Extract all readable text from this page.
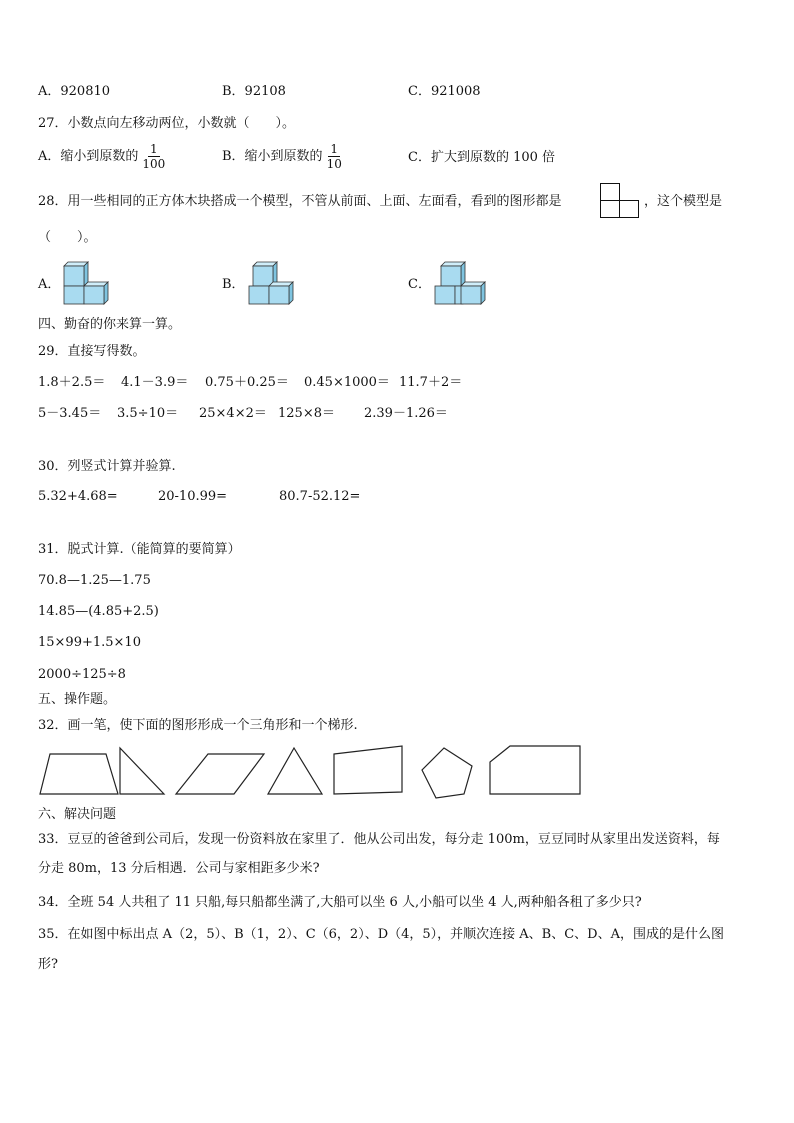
A．920810	B．92108	C．921008
27．小数点向左移动两位，小数就（　　）。
A．缩小到原数的 $\frac{1}{100}$	B．缩小到原数的 $\frac{1}{10}$	C．扩大到原数的 100 倍
28．用一些相同的正方体木块搭成一个模型，不管从前面、上面、左面看，看到的图形都是	，这个模型是
（　　）。
A．	B．	C．
四、勤奋的你来算一算。
29．直接写得数。
1.8＋2.5＝ 4.1－3.9＝ 0.75＋0.25＝ 0.45×1000＝ 11.7＋2＝
5－3.45＝ 3.5÷10＝ 25×4×2＝ 125×8＝ 2.39－1.26＝
30．列竖式计算并验算.
5.32+4.68=	20-10.99=	80.7-52.12=
31．脱式计算.（能简算的要简算）
70.8—1.25—1.75
14.85—(4.85+2.5)
15×99+1.5×10
2000÷125÷8
五、操作题。
32．画一笔，使下面的图形形成一个三角形和一个梯形.
六、解决问题
33．豆豆的爸爸到公司后，发现一份资料放在家里了．他从公司出发，每分走 100m，豆豆同时从家里出发送资料，每
分走 80m，13 分后相遇．公司与家相距多少米?
34．全班 54 人共租了 11 只船,每只船都坐满了,大船可以坐 6 人,小船可以坐 4 人,两种船各租了多少只?
35．在如图中标出点 A（2，5）、B（1，2）、C（6，2）、D（4，5），并顺次连接 A、B、C、D、A，围成的是什么图
形?
